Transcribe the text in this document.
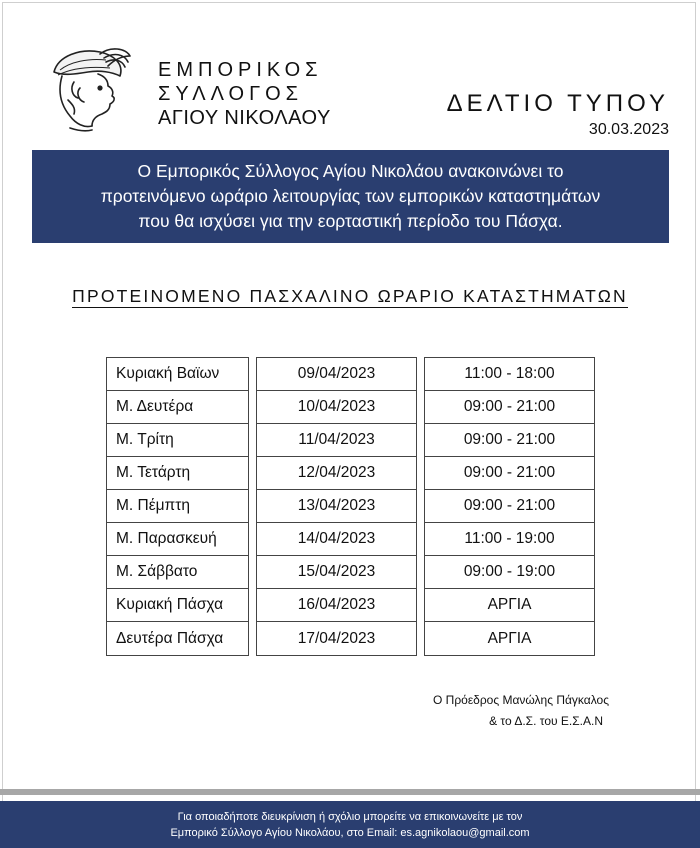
ΕΜΠΟΡΙΚΟΣ
ΣΥΛΛΟΓΟΣ
ΑΓΙΟΥ ΝΙΚΟΛΑΟΥ
ΔΕΛΤΙΟ ΤΥΠΟΥ
30.03.2023
Ο Εμπορικός Σύλλογος Αγίου Νικολάου ανακοινώνει το
προτεινόμενο ωράριο λειτουργίας των εμπορικών καταστημάτων
που θα ισχύσει για την εορταστική περίοδο του Πάσχα.
ΠΡΟΤΕΙΝΟΜΕΝΟ ΠΑΣΧΑΛΙΝΟ ΩΡΑΡΙΟ ΚΑΤΑΣΤΗΜΑΤΩΝ
Κυριακή Βαϊων
Μ. Δευτέρα
Μ. Τρίτη
Μ. Τετάρτη
Μ. Πέμπτη
Μ. Παρασκευή
Μ. Σάββατο
Κυριακή Πάσχα
Δευτέρα Πάσχα
09/04/2023
10/04/2023
11/04/2023
12/04/2023
13/04/2023
14/04/2023
15/04/2023
16/04/2023
17/04/2023
11:00 - 18:00
09:00 - 21:00
09:00 - 21:00
09:00 - 21:00
09:00 - 21:00
11:00 - 19:00
09:00 - 19:00
ΑΡΓΙΑ
ΑΡΓΙΑ
Ο Πρόεδρος Μανώλης Πάγκαλος
& το Δ.Σ. του Ε.Σ.Α.Ν
Για οποιαδήποτε διευκρίνιση ή σχόλιο μπορείτε να επικοινωνείτε με τον
Εμπορικό Σύλλογο Αγίου Νικολάου, στο Email: es.agnikolaou@gmail.com
